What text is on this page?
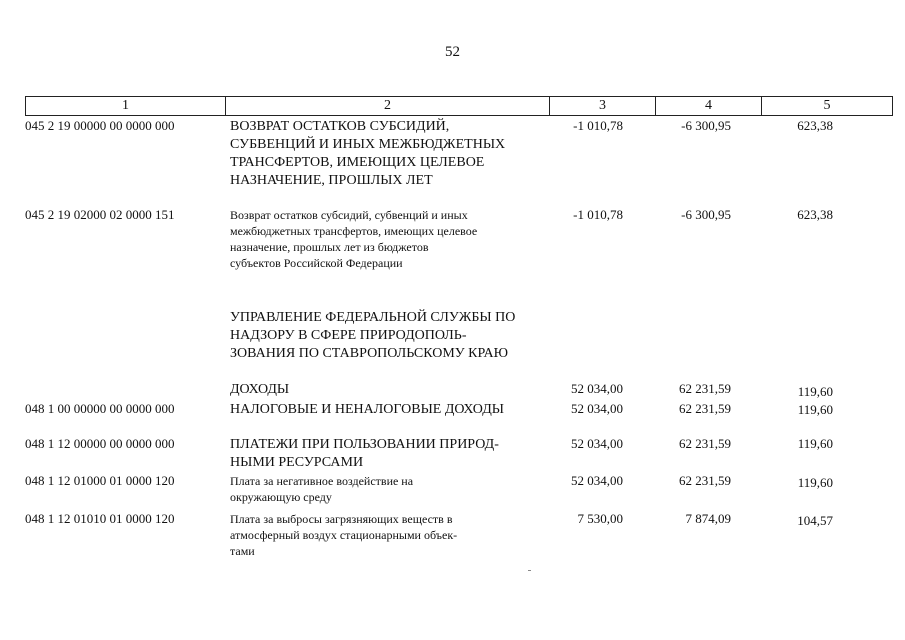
52
1	2	3	4	5
045 2 19 00000 00 0000 000	ВОЗВРАТ ОСТАТКОВ СУБСИДИЙ,
СУБВЕНЦИЙ И ИНЫХ МЕЖБЮДЖЕТНЫХ
ТРАНСФЕРТОВ, ИМЕЮЩИХ ЦЕЛЕВОЕ
НАЗНАЧЕНИЕ, ПРОШЛЫХ ЛЕТ
-1 010,78	-6 300,95	623,38
045 2 19 02000 02 0000 151	Возврат остатков субсидий, субвенций и иных
межбюджетных трансфертов, имеющих целевое
назначение, прошлых лет из бюджетов
субъектов Российской Федерации
-1 010,78	-6 300,95	623,38
УПРАВЛЕНИЕ ФЕДЕРАЛЬНОЙ СЛУЖБЫ ПО
НАДЗОРУ В СФЕРЕ ПРИРОДОПОЛЬ-
ЗОВАНИЯ ПО СТАВРОПОЛЬСКОМУ КРАЮ
ДОХОДЫ	52 034,00	62 231,59	119,60
048 1 00 00000 00 0000 000	НАЛОГОВЫЕ И НЕНАЛОГОВЫЕ ДОХОДЫ	52 034,00	62 231,59	119,60
048 1 12 00000 00 0000 000	ПЛАТЕЖИ ПРИ ПОЛЬЗОВАНИИ ПРИРОД-
НЫМИ РЕСУРСАМИ
52 034,00	62 231,59	119,60
048 1 12 01000 01 0000 120	Плата за негативное воздействие на
окружающую среду
52 034,00	62 231,59	119,60
048 1 12 01010 01 0000 120	Плата за выбросы загрязняющих веществ в
атмосферный воздух стационарными объек-
тами
7 530,00	7 874,09	104,57
